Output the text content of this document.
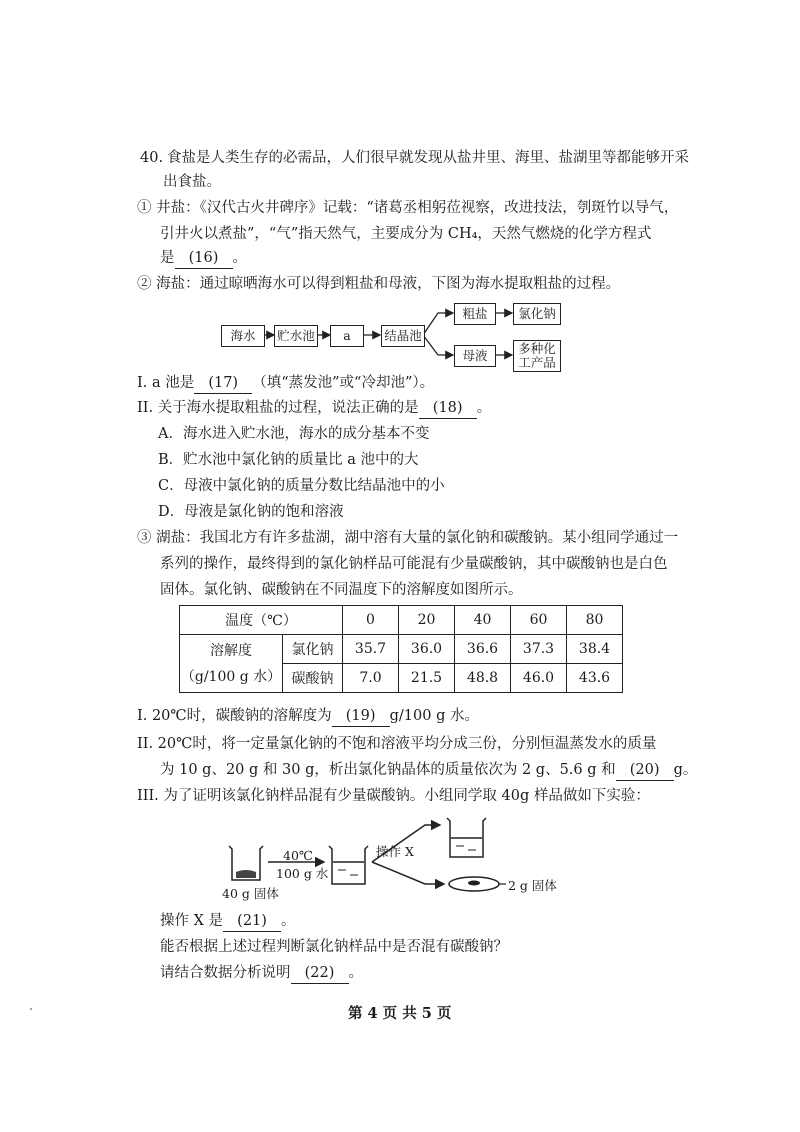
40. 食盐是人类生存的必需品，人们很早就发现从盐井里、海里、盐湖里等都能够开采
出食盐。
① 井盐：《汉代古火井碑序》记载：“诸葛丞相躬莅视察，改进技法，刳斑竹以导气，
引井火以煮盐”，“气”指天然气，主要成分为 CH₄，天然气燃烧的化学方程式
是 (16) 。
② 海盐：通过晾晒海水可以得到粗盐和母液，下图为海水提取粗盐的过程。
海水	贮水池	a	结晶池
粗盐	氯化钠
母液	多种化
工产品
I. a 池是 (17) （填“蒸发池”或“冷却池”）。
II. 关于海水提取粗盐的过程，说法正确的是 (18) 。
A．海水进入贮水池，海水的成分基本不变
B．贮水池中氯化钠的质量比 a 池中的大
C．母液中氯化钠的质量分数比结晶池中的小
D．母液是氯化钠的饱和溶液
③ 湖盐：我国北方有许多盐湖，湖中溶有大量的氯化钠和碳酸钠。某小组同学通过一
系列的操作，最终得到的氯化钠样品可能混有少量碳酸钠，其中碳酸钠也是白色
固体。氯化钠、碳酸钠在不同温度下的溶解度如图所示。
温度（℃）		0	20	40	60	80

溶解度
（g/100 g 水）	氯化钠	35.7	36.0	36.6	37.3	38.4
	碳酸钠	7.0	21.5	48.8	46.0	43.6
I. 20℃时，碳酸钠的溶解度为 (19) g/100 g 水。
II. 20℃时，将一定量氯化钠的不饱和溶液平均分成三份，分别恒温蒸发水的质量
为 10 g、20 g 和 30 g，析出氯化钠晶体的质量依次为 2 g、5.6 g 和 (20) g。
III. 为了证明该氯化钠样品混有少量碳酸钠。小组同学取 40g 样品做如下实验：
40℃
100 g 水
操作 X
40 g 固体
2 g 固体
操作 X 是 (21) 。
能否根据上述过程判断氯化钠样品中是否混有碳酸钠？
请结合数据分析说明 (22) 。
第 4 页 共 5 页
